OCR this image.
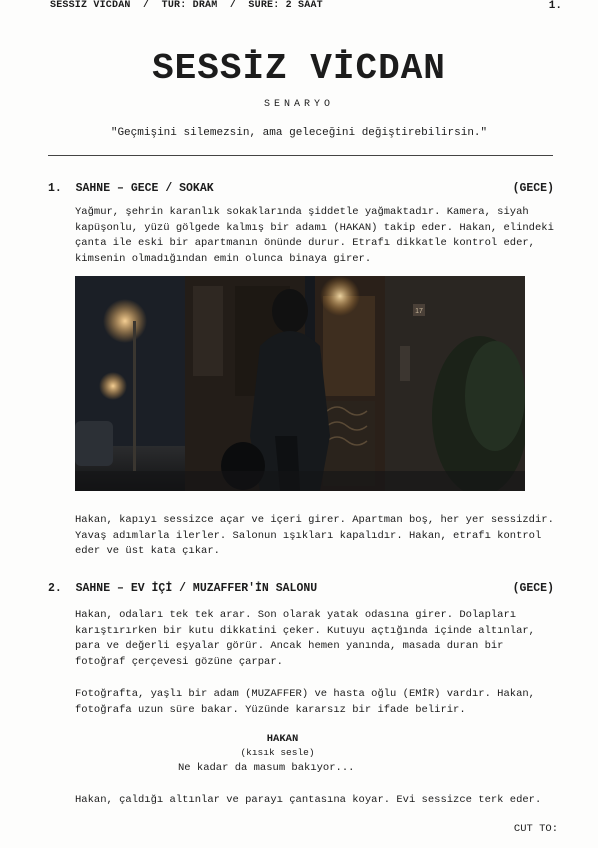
SESSİZ VİCDAN  /  TÜR: DRAM  /  SÜRE: 2 SAAT	1.
SESSİZ VİCDAN
SENARYO
"Geçmişini silemezsin, ama geleceğini değiştirebilirsin."
1.  SAHNE – GECE / SOKAK	(GECE)

Yağmur, şehrin karanlık sokaklarında şiddetle yağmaktadır. Kamera, siyah kapüşonlu, yüzü gölgede kalmış bir adamı (HAKAN) takip eder. Hakan, elindeki çanta ile eski bir apartmanın önünde durur. Etrafı dikkatle kontrol eder, kimsenin olmadığından emin olunca binaya girer.

17

Hakan, kapıyı sessizce açar ve içeri girer. Apartman boş, her yer sessizdir. Yavaş adımlarla ilerler. Salonun ışıkları kapalıdır. Hakan, etrafı kontrol eder ve üst kata çıkar.

2.  SAHNE – EV İÇİ / MUZAFFER'İN SALONU	(GECE)

Hakan, odaları tek tek arar. Son olarak yatak odasına girer. Dolapları karıştırırken bir kutu dikkatini çeker. Kutuyu açtığında içinde altınlar, para ve değerli eşyalar görür. Ancak hemen yanında, masada duran bir fotoğraf çerçevesi gözüne çarpar.

Fotoğrafta, yaşlı bir adam (MUZAFFER) ve hasta oğlu (EMİR) vardır. Hakan, fotoğrafa uzun süre bakar. Yüzünde kararsız bir ifade belirir.

HAKAN
(kısık sesle)
Ne kadar da masum bakıyor...

Hakan, çaldığı altınlar ve parayı çantasına koyar. Evi sessizce terk eder.

CUT TO:
